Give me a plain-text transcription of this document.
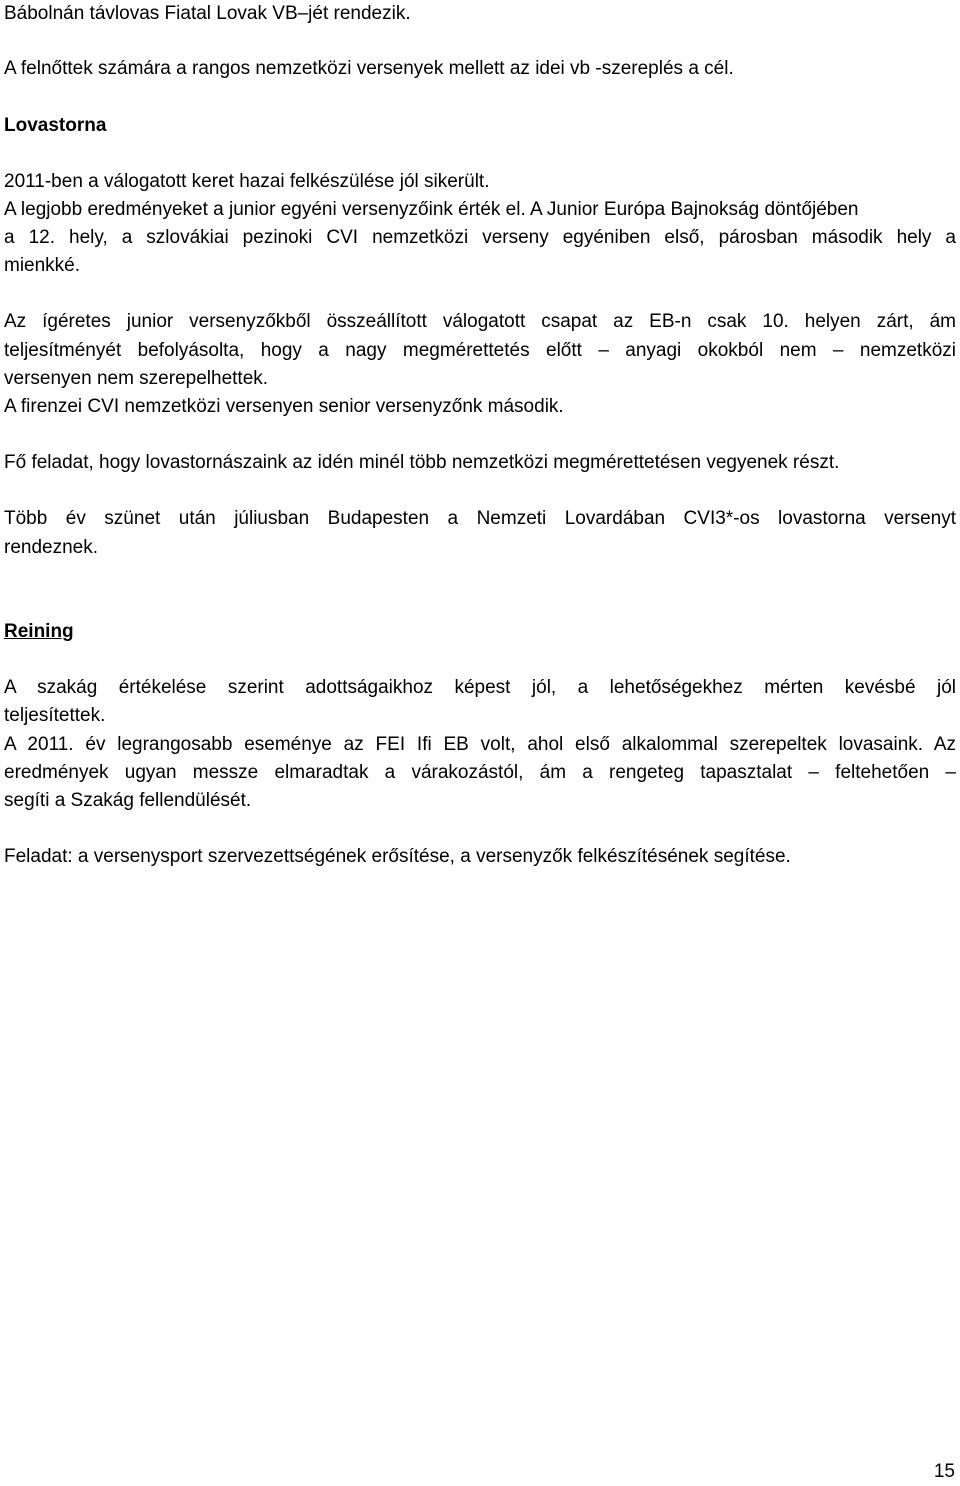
Bábolnán távlovas Fiatal Lovak VB–jét rendezik.
A felnőttek számára a rangos nemzetközi versenyek mellett az idei vb -szereplés a cél.
Lovastorna
2011-ben a válogatott keret hazai felkészülése jól sikerült.
A legjobb eredményeket a junior egyéni versenyzőink érték el. A Junior Európa Bajnokság döntőjében
a 12. hely, a szlovákiai pezinoki CVI nemzetközi verseny egyéniben első, párosban második hely a
mienkké.
Az ígéretes junior versenyzőkből összeállított válogatott csapat az EB-n csak 10. helyen zárt, ám
teljesítményét befolyásolta, hogy a nagy megmérettetés előtt – anyagi okokból nem – nemzetközi
versenyen nem szerepelhettek.
A firenzei CVI nemzetközi versenyen senior versenyzőnk második.
Fő feladat, hogy lovastornászaink az idén minél több nemzetközi megmérettetésen vegyenek részt.
Több év szünet után júliusban Budapesten a Nemzeti Lovardában CVI3*-os lovastorna versenyt
rendeznek.
Reining
A szakág értékelése szerint adottságaikhoz képest jól, a lehetőségekhez mérten kevésbé jól
teljesítettek.
A 2011. év legrangosabb eseménye az FEI Ifi EB volt, ahol első alkalommal szerepeltek lovasaink. Az
eredmények ugyan messze elmaradtak a várakozástól, ám a rengeteg tapasztalat – feltehetően –
segíti a Szakág fellendülését.
Feladat: a versenysport szervezettségének erősítése, a versenyzők felkészítésének segítése.
15
